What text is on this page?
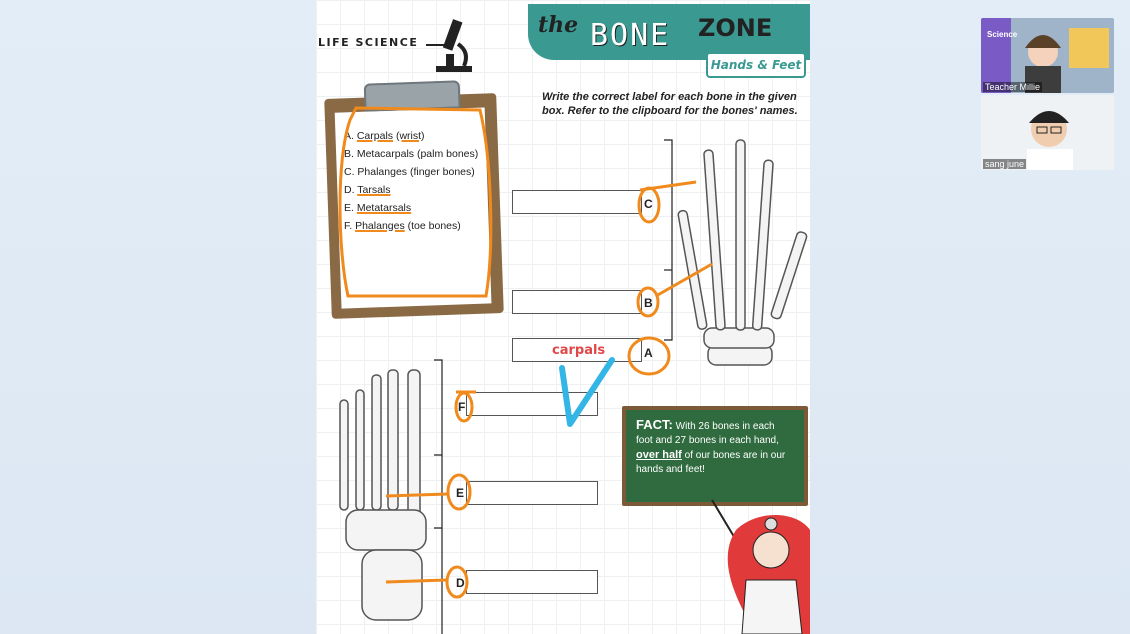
LIFE SCIENCE
the BONE ZONE
Hands & Feet
Write the correct label for each bone in the given box. Refer to the clipboard for the bones' names.
A. Carpals (wrist)
B. Metacarpals (palm bones)
C. Phalanges (finger bones)
D. Tarsals
E. Metatarsals
F. Phalanges (toe bones)
carpals
C
B
A
F
E
D
FACT: With 26 bones in each foot and 27 bones in each hand, over half of our bones are in our hands and feet!
Science
Teacher Millie
sang june
